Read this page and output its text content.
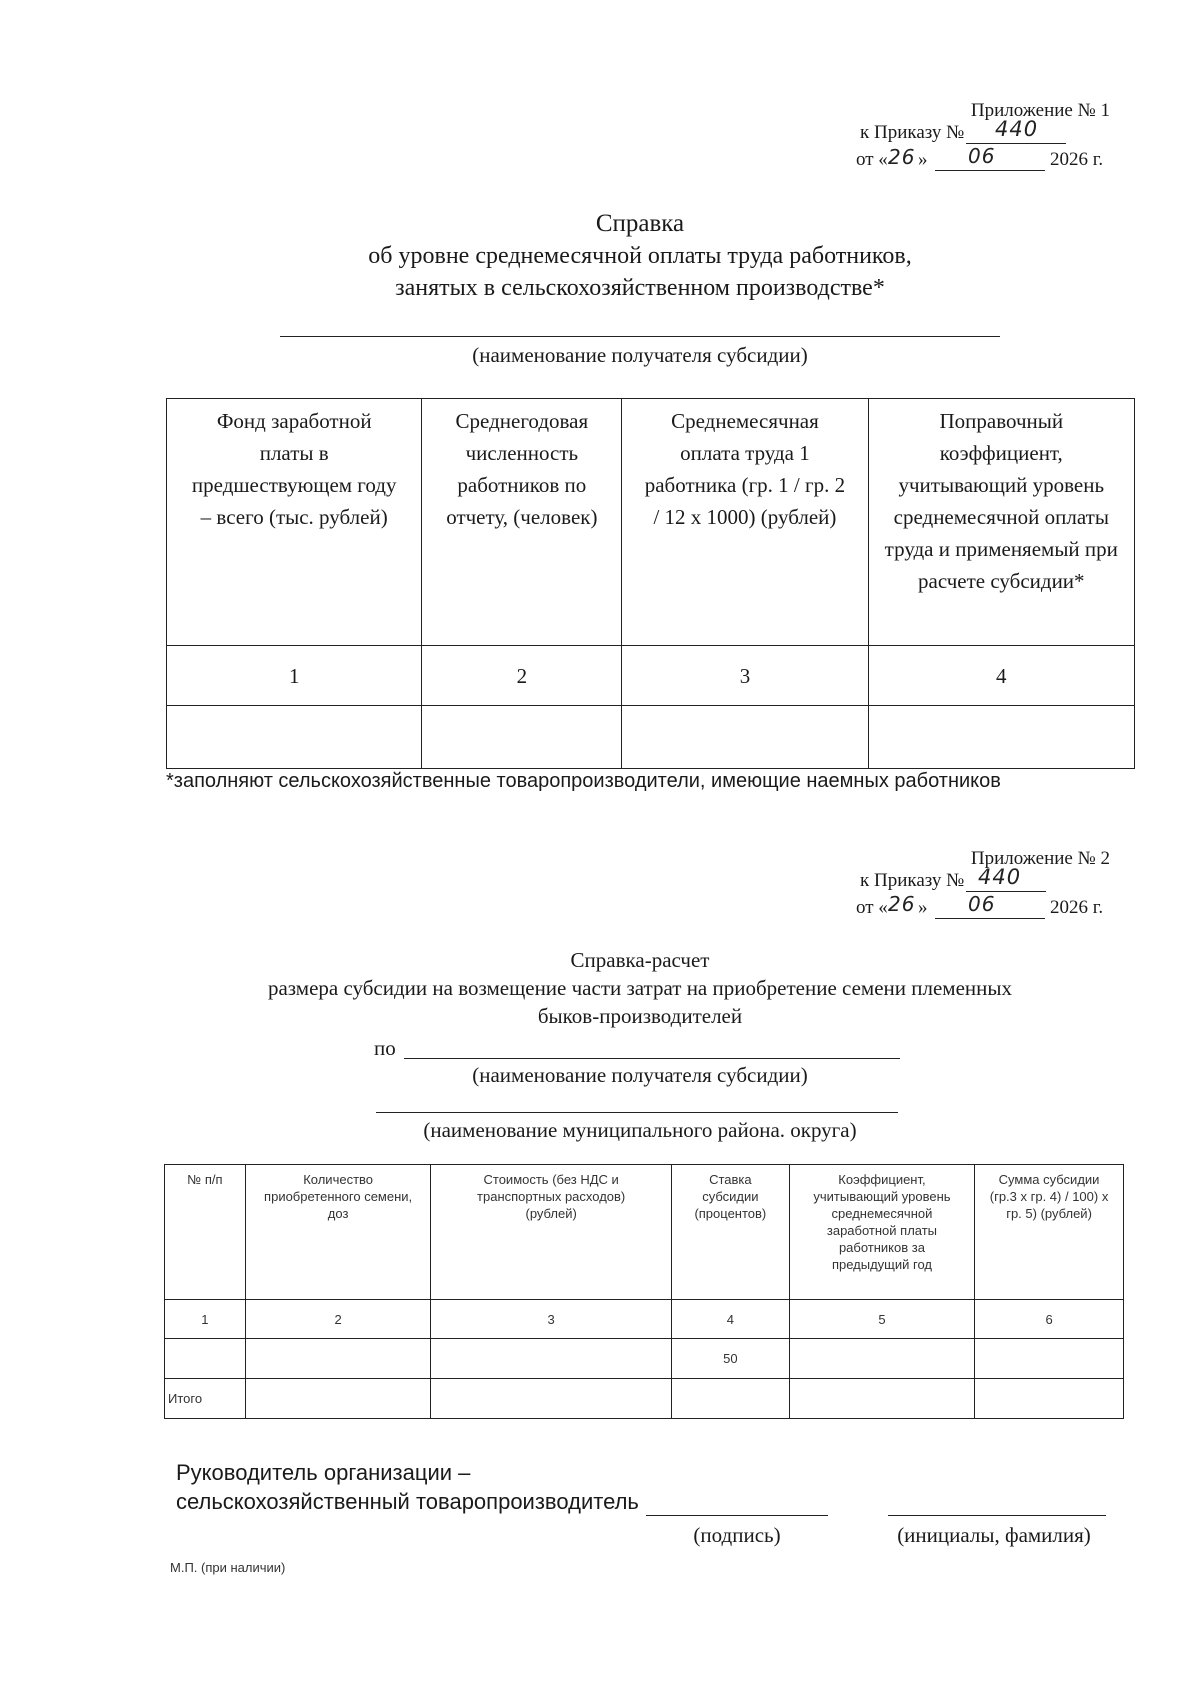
Приложение № 1
к Приказу № 440
от « 26 » 06	2026 г.
Справка
об уровне среднемесячной оплаты труда работников,
занятых в сельскохозяйственном производстве*
(наименование получателя субсидии)
Фонд заработной платы в предшествующем году – всего (тыс. рублей)	Среднегодовая численность работников по отчету, (человек)	Среднемесячная оплата труда 1 работника (гр. 1 / гр. 2 / 12 х 1000) (рублей)	Поправочный коэффициент, учитывающий уровень среднемесячной оплаты труда и применяемый при расчете субсидии*
1	2	3	4

*заполняют сельскохозяйственные товаропроизводители, имеющие наемных работников
Приложение № 2
к Приказу № 440
от « 26 » 06	2026 г.
Справка-расчет
размера субсидии на возмещение части затрат на приобретение семени племенных
быков-производителей
по
(наименование получателя субсидии)
(наименование муниципального района. округа)
№ п/п	Количество приобретенного семени, доз	Стоимость (без НДС и транспортных расходов) (рублей)	Ставка субсидии (процентов)	Коэффициент, учитывающий уровень среднемесячной заработной платы работников за предыдущий год	Сумма субсидии (гр.3 х гр. 4) / 100) х гр. 5) (рублей)
1	2	3	4	5	6
			50		
Итого					
Руководитель организации –
сельскохозяйственный товаропроизводитель
(подпись)	(инициалы, фамилия)
М.П. (при наличии)
